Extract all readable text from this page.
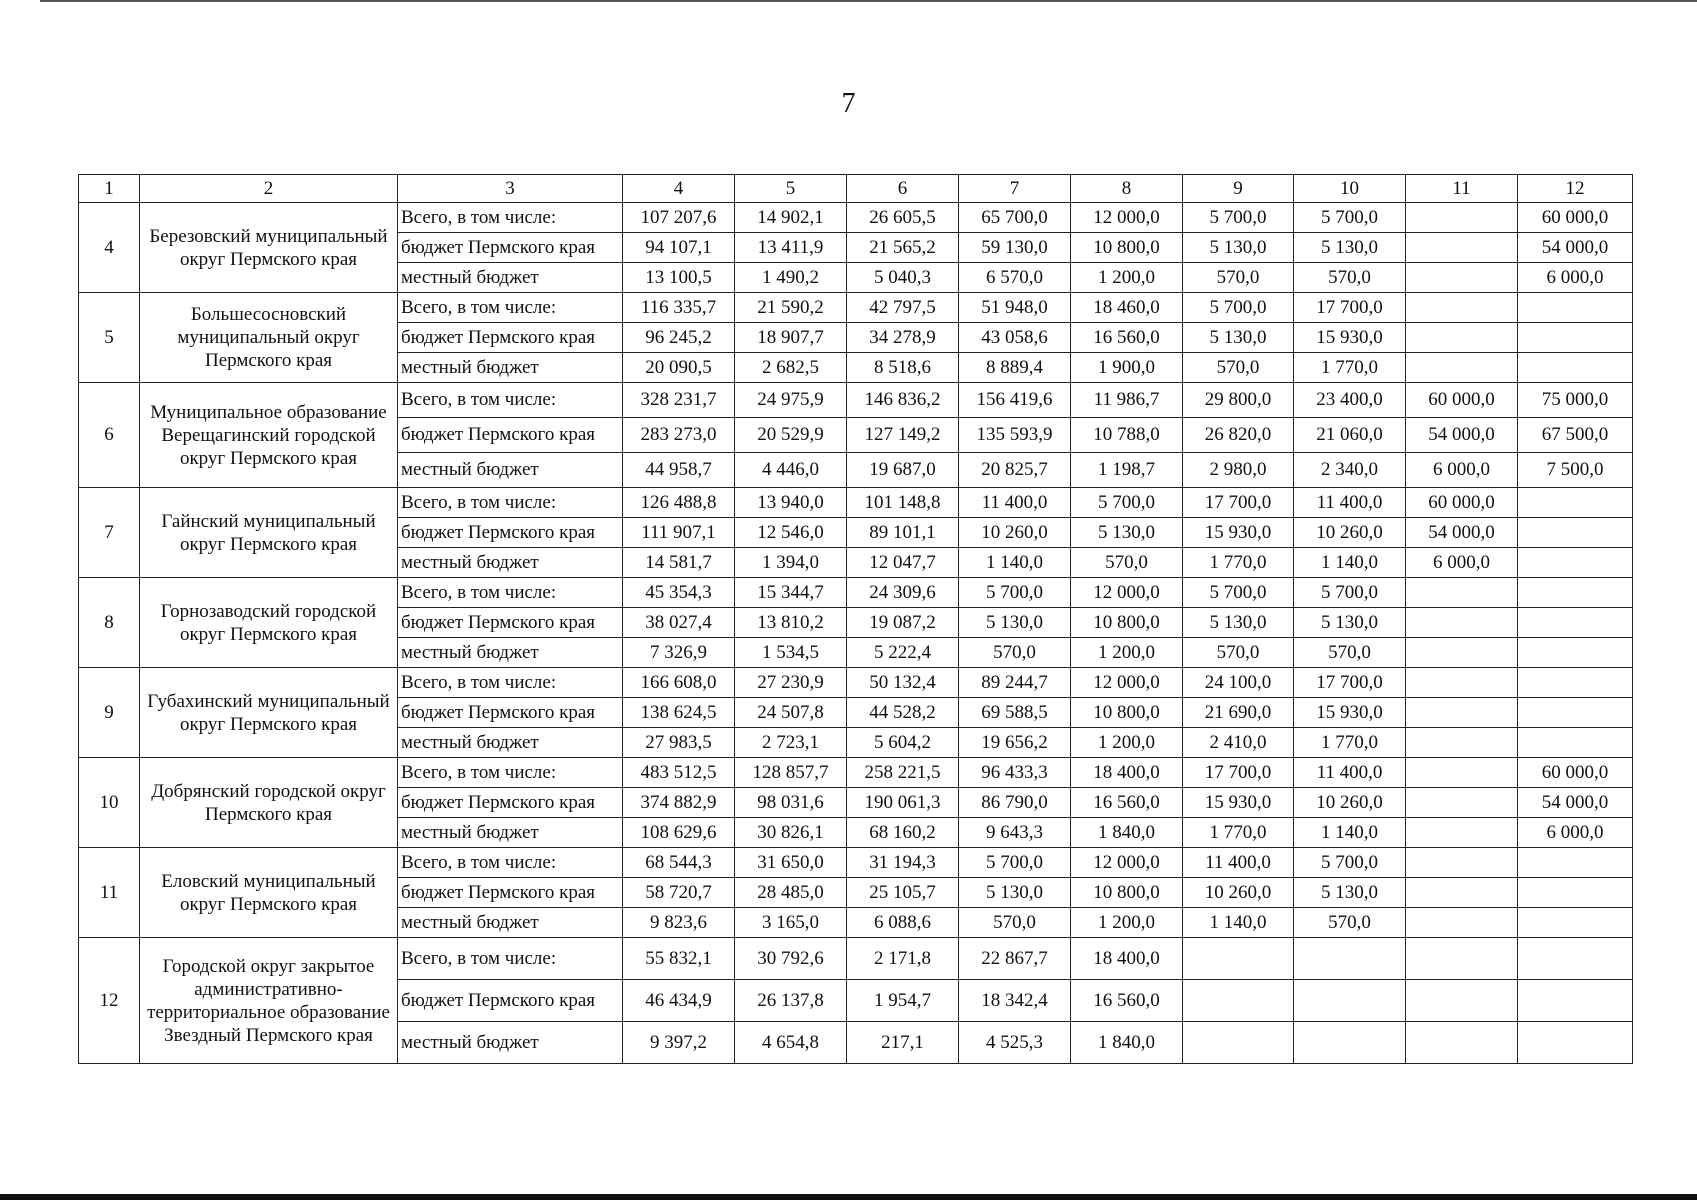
7
1	2	3	4	5	6	7	8	9	10	11	12
4	Березовский муниципальный округ Пермского края	Всего, в том числе:	107 207,6	14 902,1	26 605,5	65 700,0	12 000,0	5 700,0	5 700,0		60 000,0
		бюджет Пермского края	94 107,1	13 411,9	21 565,2	59 130,0	10 800,0	5 130,0	5 130,0		54 000,0
		местный бюджет	13 100,5	1 490,2	5 040,3	6 570,0	1 200,0	570,0	570,0		6 000,0
5	Большесосновский муниципальный округ Пермского края	Всего, в том числе:	116 335,7	21 590,2	42 797,5	51 948,0	18 460,0	5 700,0	17 700,0		
		бюджет Пермского края	96 245,2	18 907,7	34 278,9	43 058,6	16 560,0	5 130,0	15 930,0		
		местный бюджет	20 090,5	2 682,5	8 518,6	8 889,4	1 900,0	570,0	1 770,0		
6	Муниципальное образование Верещагинский городской округ Пермского края	Всего, в том числе:	328 231,7	24 975,9	146 836,2	156 419,6	11 986,7	29 800,0	23 400,0	60 000,0	75 000,0
		бюджет Пермского края	283 273,0	20 529,9	127 149,2	135 593,9	10 788,0	26 820,0	21 060,0	54 000,0	67 500,0
		местный бюджет	44 958,7	4 446,0	19 687,0	20 825,7	1 198,7	2 980,0	2 340,0	6 000,0	7 500,0
7	Гайнский муниципальный округ Пермского края	Всего, в том числе:	126 488,8	13 940,0	101 148,8	11 400,0	5 700,0	17 700,0	11 400,0	60 000,0	
		бюджет Пермского края	111 907,1	12 546,0	89 101,1	10 260,0	5 130,0	15 930,0	10 260,0	54 000,0	
		местный бюджет	14 581,7	1 394,0	12 047,7	1 140,0	570,0	1 770,0	1 140,0	6 000,0	
8	Горнозаводский городской округ Пермского края	Всего, в том числе:	45 354,3	15 344,7	24 309,6	5 700,0	12 000,0	5 700,0	5 700,0		
		бюджет Пермского края	38 027,4	13 810,2	19 087,2	5 130,0	10 800,0	5 130,0	5 130,0		
		местный бюджет	7 326,9	1 534,5	5 222,4	570,0	1 200,0	570,0	570,0		
9	Губахинский муниципальный округ Пермского края	Всего, в том числе:	166 608,0	27 230,9	50 132,4	89 244,7	12 000,0	24 100,0	17 700,0		
		бюджет Пермского края	138 624,5	24 507,8	44 528,2	69 588,5	10 800,0	21 690,0	15 930,0		
		местный бюджет	27 983,5	2 723,1	5 604,2	19 656,2	1 200,0	2 410,0	1 770,0		
10	Добрянский городской округ Пермского края	Всего, в том числе:	483 512,5	128 857,7	258 221,5	96 433,3	18 400,0	17 700,0	11 400,0		60 000,0
		бюджет Пермского края	374 882,9	98 031,6	190 061,3	86 790,0	16 560,0	15 930,0	10 260,0		54 000,0
		местный бюджет	108 629,6	30 826,1	68 160,2	9 643,3	1 840,0	1 770,0	1 140,0		6 000,0
11	Еловский муниципальный округ Пермского края	Всего, в том числе:	68 544,3	31 650,0	31 194,3	5 700,0	12 000,0	11 400,0	5 700,0		
		бюджет Пермского края	58 720,7	28 485,0	25 105,7	5 130,0	10 800,0	10 260,0	5 130,0		
		местный бюджет	9 823,6	3 165,0	6 088,6	570,0	1 200,0	1 140,0	570,0		
12	Городской округ закрытое административно-территориальное образование Звездный Пермского края	Всего, в том числе:	55 832,1	30 792,6	2 171,8	22 867,7	18 400,0				
		бюджет Пермского края	46 434,9	26 137,8	1 954,7	18 342,4	16 560,0				
		местный бюджет	9 397,2	4 654,8	217,1	4 525,3	1 840,0				
